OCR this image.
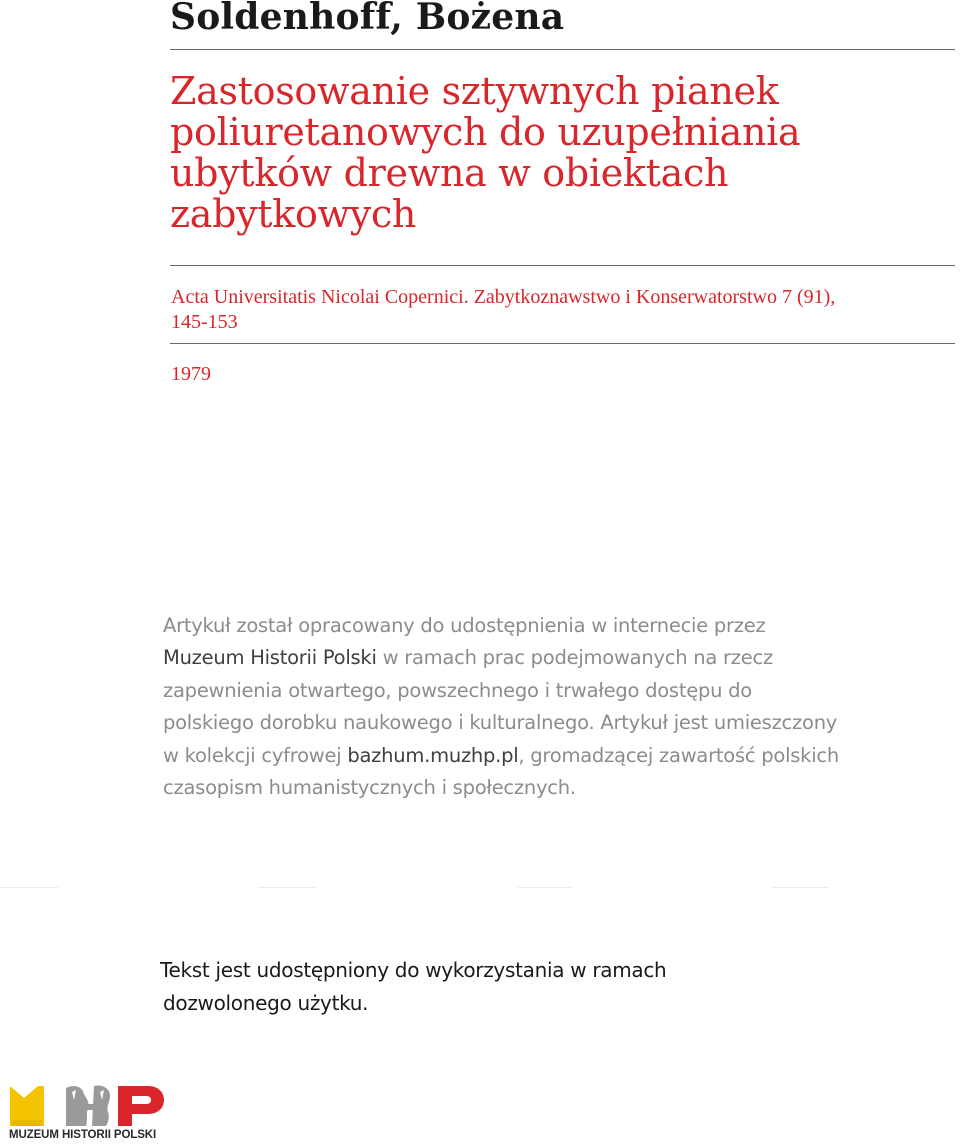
Soldenhoff, Bożena
Zastosowanie sztywnych pianek
poliuretanowych do uzupełniania
ubytków drewna w obiektach
zabytkowych
Acta Universitatis Nicolai Copernici. Zabytkoznawstwo i Konserwatorstwo 7 (91),
145-153
1979
Artykuł został opracowany do udostępnienia w internecie przez
Muzeum Historii Polski w ramach prac podejmowanych na rzecz
zapewnienia otwartego, powszechnego i trwałego dostępu do
polskiego dorobku naukowego i kulturalnego. Artykuł jest umieszczony
w kolekcji cyfrowej bazhum.muzhp.pl, gromadzącej zawartość polskich
czasopism humanistycznych i społecznych.
Tekst jest udostępniony do wykorzystania w ramach
dozwolonego użytku.
MUZEUM HISTORII POLSKI
